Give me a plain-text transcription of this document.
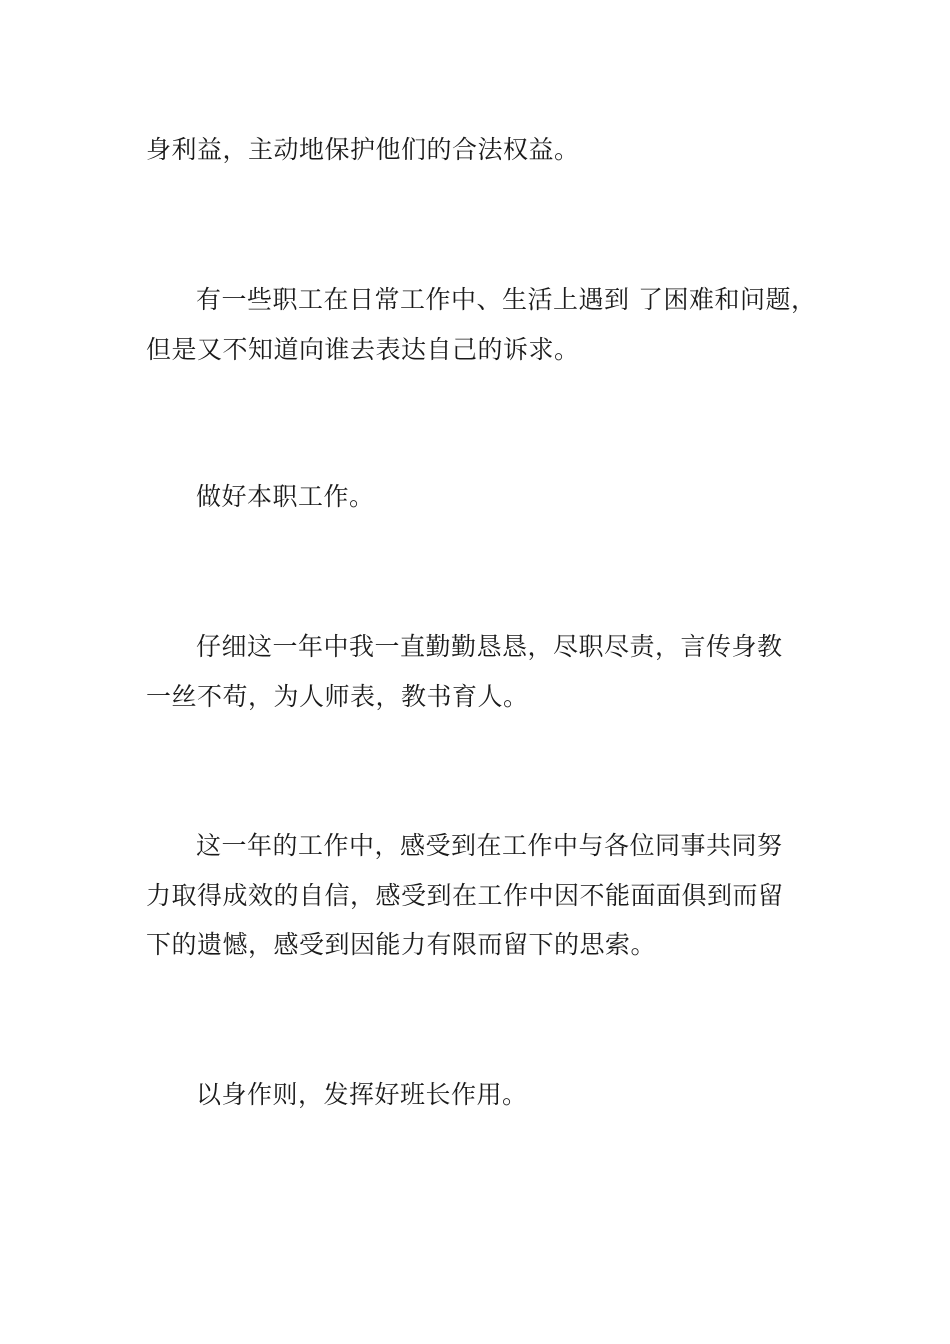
身利益，主动地保护他们的合法权益。
有一些职工在日常工作中、生活上遇到 了困难和问题，
但是又不知道向谁去表达自己的诉求。
做好本职工作。
仔细这一年中我一直勤勤恳恳，尽职尽责，言传身教
一丝不苟，为人师表，教书育人。
这一年的工作中，感受到在工作中与各位同事共同努
力取得成效的自信，感受到在工作中因不能面面俱到而留
下的遗憾，感受到因能力有限而留下的思索。
以身作则，发挥好班长作用。
